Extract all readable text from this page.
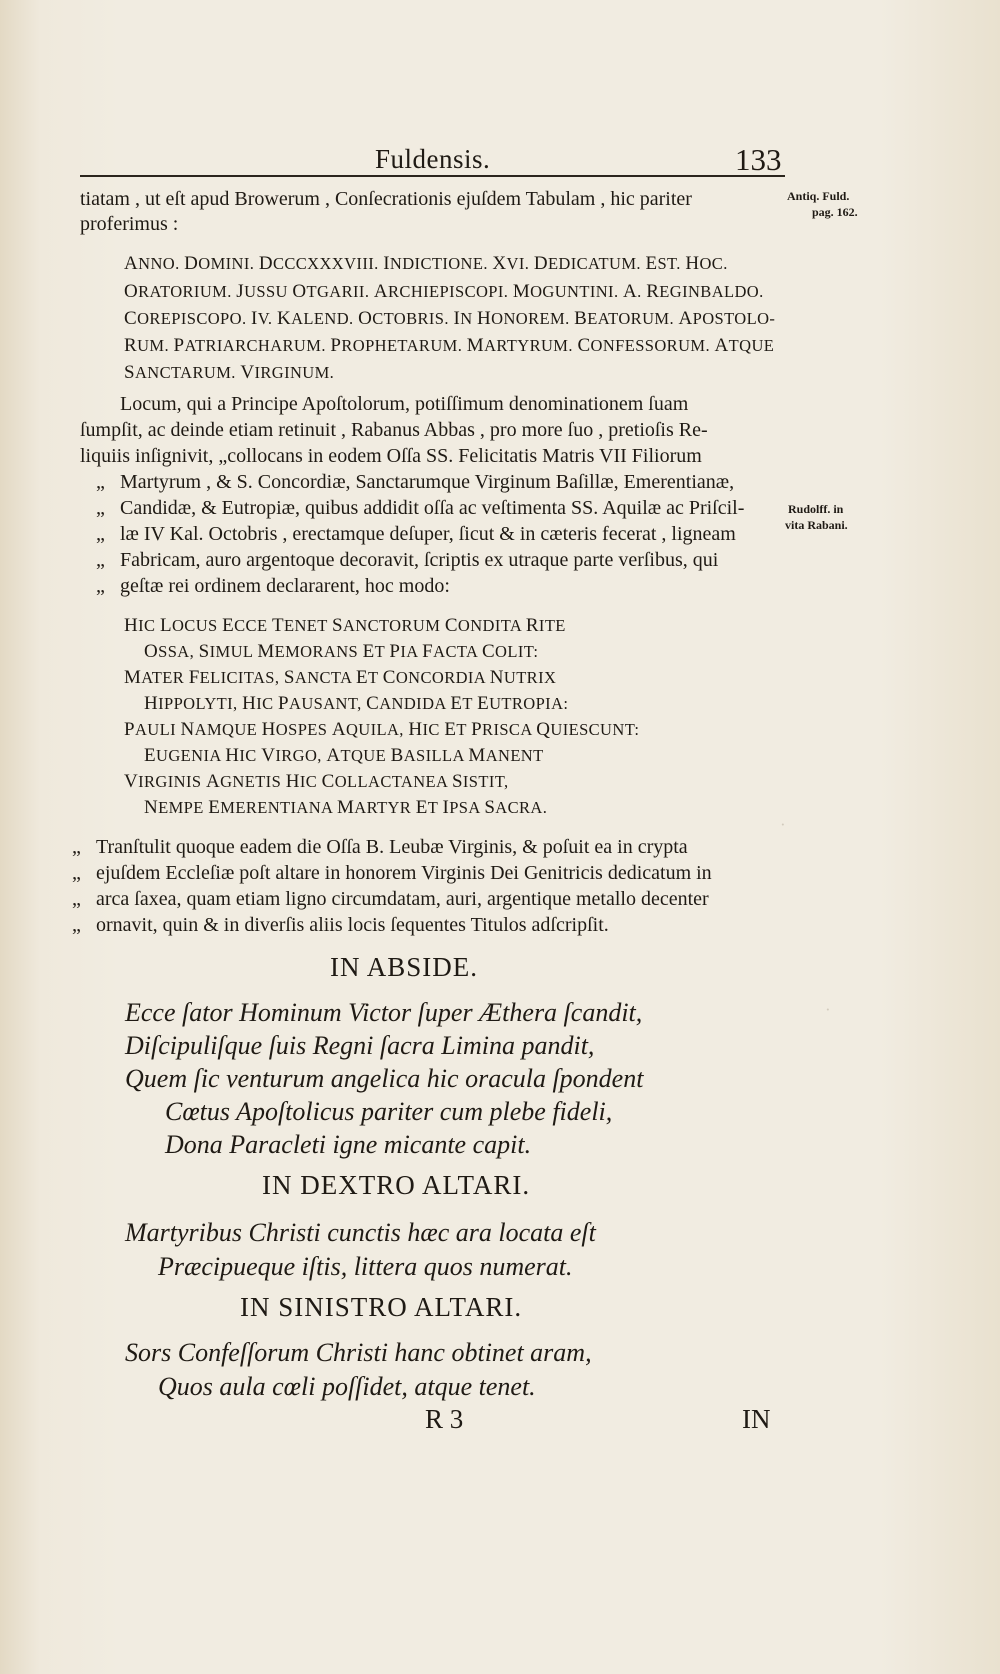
·
·
Fuldensis.	133
tiatam , ut eſt apud Browerum , Conſecrationis ejuſdem Tabulam , hic pariter
proferimus :
Antiq. Fuld.
pag. 162.
Rudolff. in
vita Rabani.
ANNO. DOMINI. DCCCXXXVIII. INDICTIONE. XVI. DEDICATUM. EST. HOC.
ORATORIUM. JUSSU OTGARII. ARCHIEPISCOPI. MOGUNTINI. A. REGINBALDO.
COREPISCOPO. IV. KALEND. OCTOBRIS. IN HONOREM. BEATORUM. APOSTOLO-
RUM. PATRIARCHARUM. PROPHETARUM. MARTYRUM. CONFESSORUM. ATQUE
SANCTARUM. VIRGINUM.
Locum, qui a Principe Apoſtolorum, potiſſimum denominationem ſuam
ſumpſit, ac deinde etiam retinuit , Rabanus Abbas , pro more ſuo , pretioſis Re-
liquiis inſignivit, „collocans in eodem Oſſa SS. Felicitatis Matris VII Filiorum
„ Martyrum , & S. Concordiæ, Sanctarumque Virginum Baſillæ, Emerentianæ,
„ Candidæ, & Eutropiæ, quibus addidit oſſa ac veſtimenta SS. Aquilæ ac Priſcil-
„ læ IV Kal. Octobris , erectamque deſuper, ſicut & in cæteris fecerat , ligneam
„ Fabricam, auro argentoque decoravit, ſcriptis ex utraque parte verſibus, qui
„ geſtæ rei ordinem declararent, hoc modo:
HIC LOCUS ECCE TENET SANCTORUM CONDITA RITE
OSSA, SIMUL MEMORANS ET PIA FACTA COLIT:
MATER FELICITAS, SANCTA ET CONCORDIA NUTRIX
HIPPOLYTI, HIC PAUSANT, CANDIDA ET EUTROPIA:
PAULI NAMQUE HOSPES AQUILA, HIC ET PRISCA QUIESCUNT:
EUGENIA HIC VIRGO, ATQUE BASILLA MANENT
VIRGINIS AGNETIS HIC COLLACTANEA SISTIT,
NEMPE EMERENTIANA MARTYR ET IPSA SACRA.
„ Tranſtulit quoque eadem die Oſſa B. Leubæ Virginis, & poſuit ea in crypta
„ ejuſdem Eccleſiæ poſt altare in honorem Virginis Dei Genitricis dedicatum in
„ arca ſaxea, quam etiam ligno circumdatam, auri, argentique metallo decenter
„ ornavit, quin & in diverſis aliis locis ſequentes Titulos adſcripſit.
IN ABSIDE.
Ecce ſator Hominum Victor ſuper Æthera ſcandit,
Diſcipuliſque ſuis Regni ſacra Limina pandit,
Quem ſic venturum angelica hic oracula ſpondent
Cœtus Apoſtolicus pariter cum plebe fideli,
Dona Paracleti igne micante capit.
IN DEXTRO ALTARI.
Martyribus Christi cunctis hæc ara locata eſt
Præcipueque iſtis, littera quos numerat.
IN SINISTRO ALTARI.
Sors Confeſſorum Christi hanc obtinet aram,
Quos aula cœli poſſidet, atque tenet.
R 3	IN
